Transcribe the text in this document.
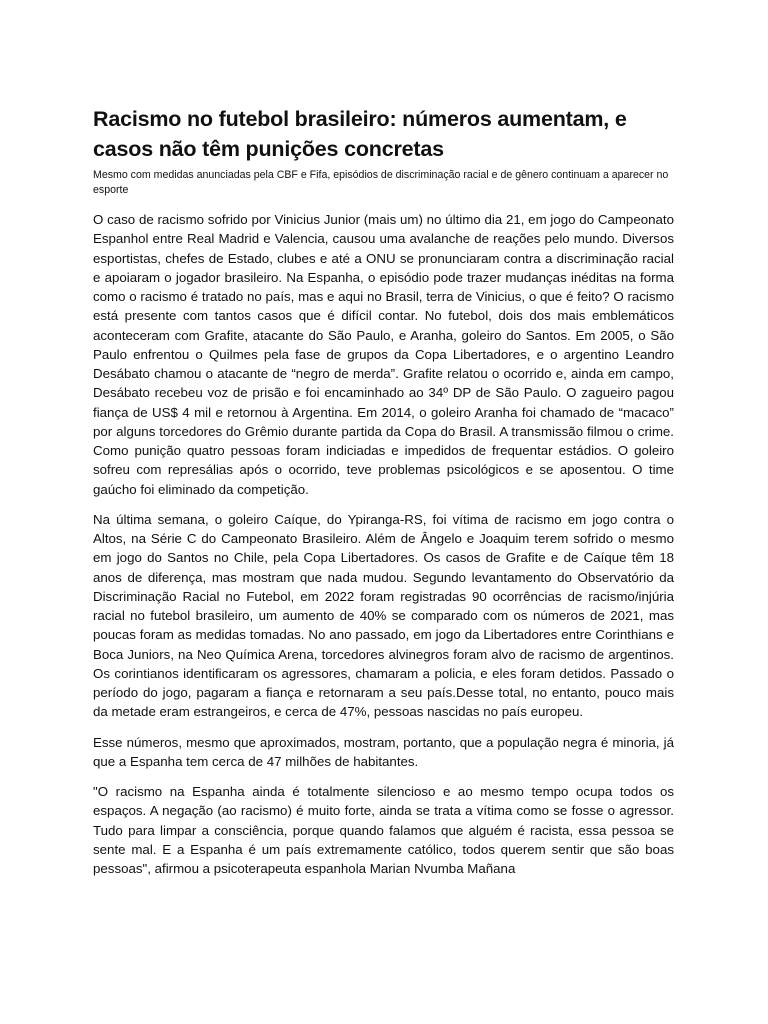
Racismo no futebol brasileiro: números aumentam, e casos não têm punições concretas

Mesmo com medidas anunciadas pela CBF e Fifa, episódios de discriminação racial e de gênero continuam a aparecer no esporte

O caso de racismo sofrido por Vinicius Junior (mais um) no último dia 21, em jogo do Campeonato Espanhol entre Real Madrid e Valencia, causou uma avalanche de reações pelo mundo. Diversos esportistas, chefes de Estado, clubes e até a ONU se pronunciaram contra a discriminação racial e apoiaram o jogador brasileiro. Na Espanha, o episódio pode trazer mudanças inéditas na forma como o racismo é tratado no país, mas e aqui no Brasil, terra de Vinicius, o que é feito? O racismo está presente com tantos casos que é difícil contar. No futebol, dois dos mais emblemáticos aconteceram com Grafite, atacante do São Paulo, e Aranha, goleiro do Santos. Em 2005, o São Paulo enfrentou o Quilmes pela fase de grupos da Copa Libertadores, e o argentino Leandro Desábato chamou o atacante de “negro de merda”. Grafite relatou o ocorrido e, ainda em campo, Desábato recebeu voz de prisão e foi encaminhado ao 34º DP de São Paulo. O zagueiro pagou fiança de US$ 4 mil e retornou à Argentina. Em 2014, o goleiro Aranha foi chamado de “macaco” por alguns torcedores do Grêmio durante partida da Copa do Brasil. A transmissão filmou o crime. Como punição quatro pessoas foram indiciadas e impedidos de frequentar estádios. O goleiro sofreu com represálias após o ocorrido, teve problemas psicológicos e se aposentou. O time gaúcho foi eliminado da competição.

Na última semana, o goleiro Caíque, do Ypiranga-RS, foi vítima de racismo em jogo contra o Altos, na Série C do Campeonato Brasileiro. Além de Ângelo e Joaquim terem sofrido o mesmo em jogo do Santos no Chile, pela Copa Libertadores. Os casos de Grafite e de Caíque têm 18 anos de diferença, mas mostram que nada mudou. Segundo levantamento do Observatório da Discriminação Racial no Futebol, em 2022 foram registradas 90 ocorrências de racismo/injúria racial no futebol brasileiro, um aumento de 40% se comparado com os números de 2021, mas poucas foram as medidas tomadas. No ano passado, em jogo da Libertadores entre Corinthians e Boca Juniors, na Neo Química Arena, torcedores alvinegros foram alvo de racismo de argentinos. Os corintianos identificaram os agressores, chamaram a policia, e eles foram detidos. Passado o período do jogo, pagaram a fiança e retornaram a seu país.Desse total, no entanto, pouco mais da metade eram estrangeiros, e cerca de 47%, pessoas nascidas no país europeu.

Esse números, mesmo que aproximados, mostram, portanto, que a população negra é minoria, já que a Espanha tem cerca de 47 milhões de habitantes.

"O racismo na Espanha ainda é totalmente silencioso e ao mesmo tempo ocupa todos os espaços. A negação (ao racismo) é muito forte, ainda se trata a vítima como se fosse o agressor. Tudo para limpar a consciência, porque quando falamos que alguém é racista, essa pessoa se sente mal. E a Espanha é um país extremamente católico, todos querem sentir que são boas pessoas", afirmou a psicoterapeuta espanhola Marian Nvumba Mañana
